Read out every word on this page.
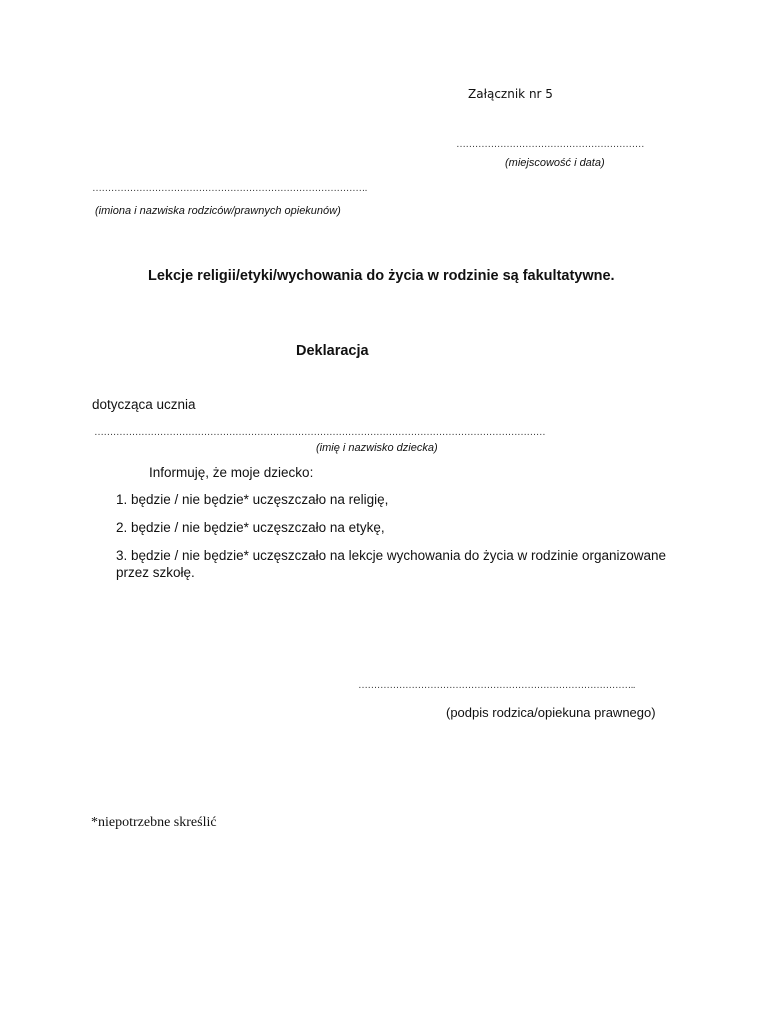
Załącznik nr 5
……………………………………………………
(miejscowość i data)
…………………………………………………………………………….
(imiona i nazwiska rodziców/prawnych opiekunów)
Lekcje religii/etyki/wychowania do życia w rodzinie są fakultatywne.
Deklaracja
dotycząca ucznia
………………………………………………………………………………………………………………………………
(imię i nazwisko dziecka)
Informuję, że moje dziecko:
1. będzie / nie będzie* uczęszczało na religię,
2. będzie / nie będzie* uczęszczało na etykę,
3. będzie / nie będzie* uczęszczało na lekcje wychowania do życia w rodzinie organizowane przez szkołę.
……………………………………………………………………………..
(podpis rodzica/opiekuna prawnego)
*niepotrzebne skreślić
